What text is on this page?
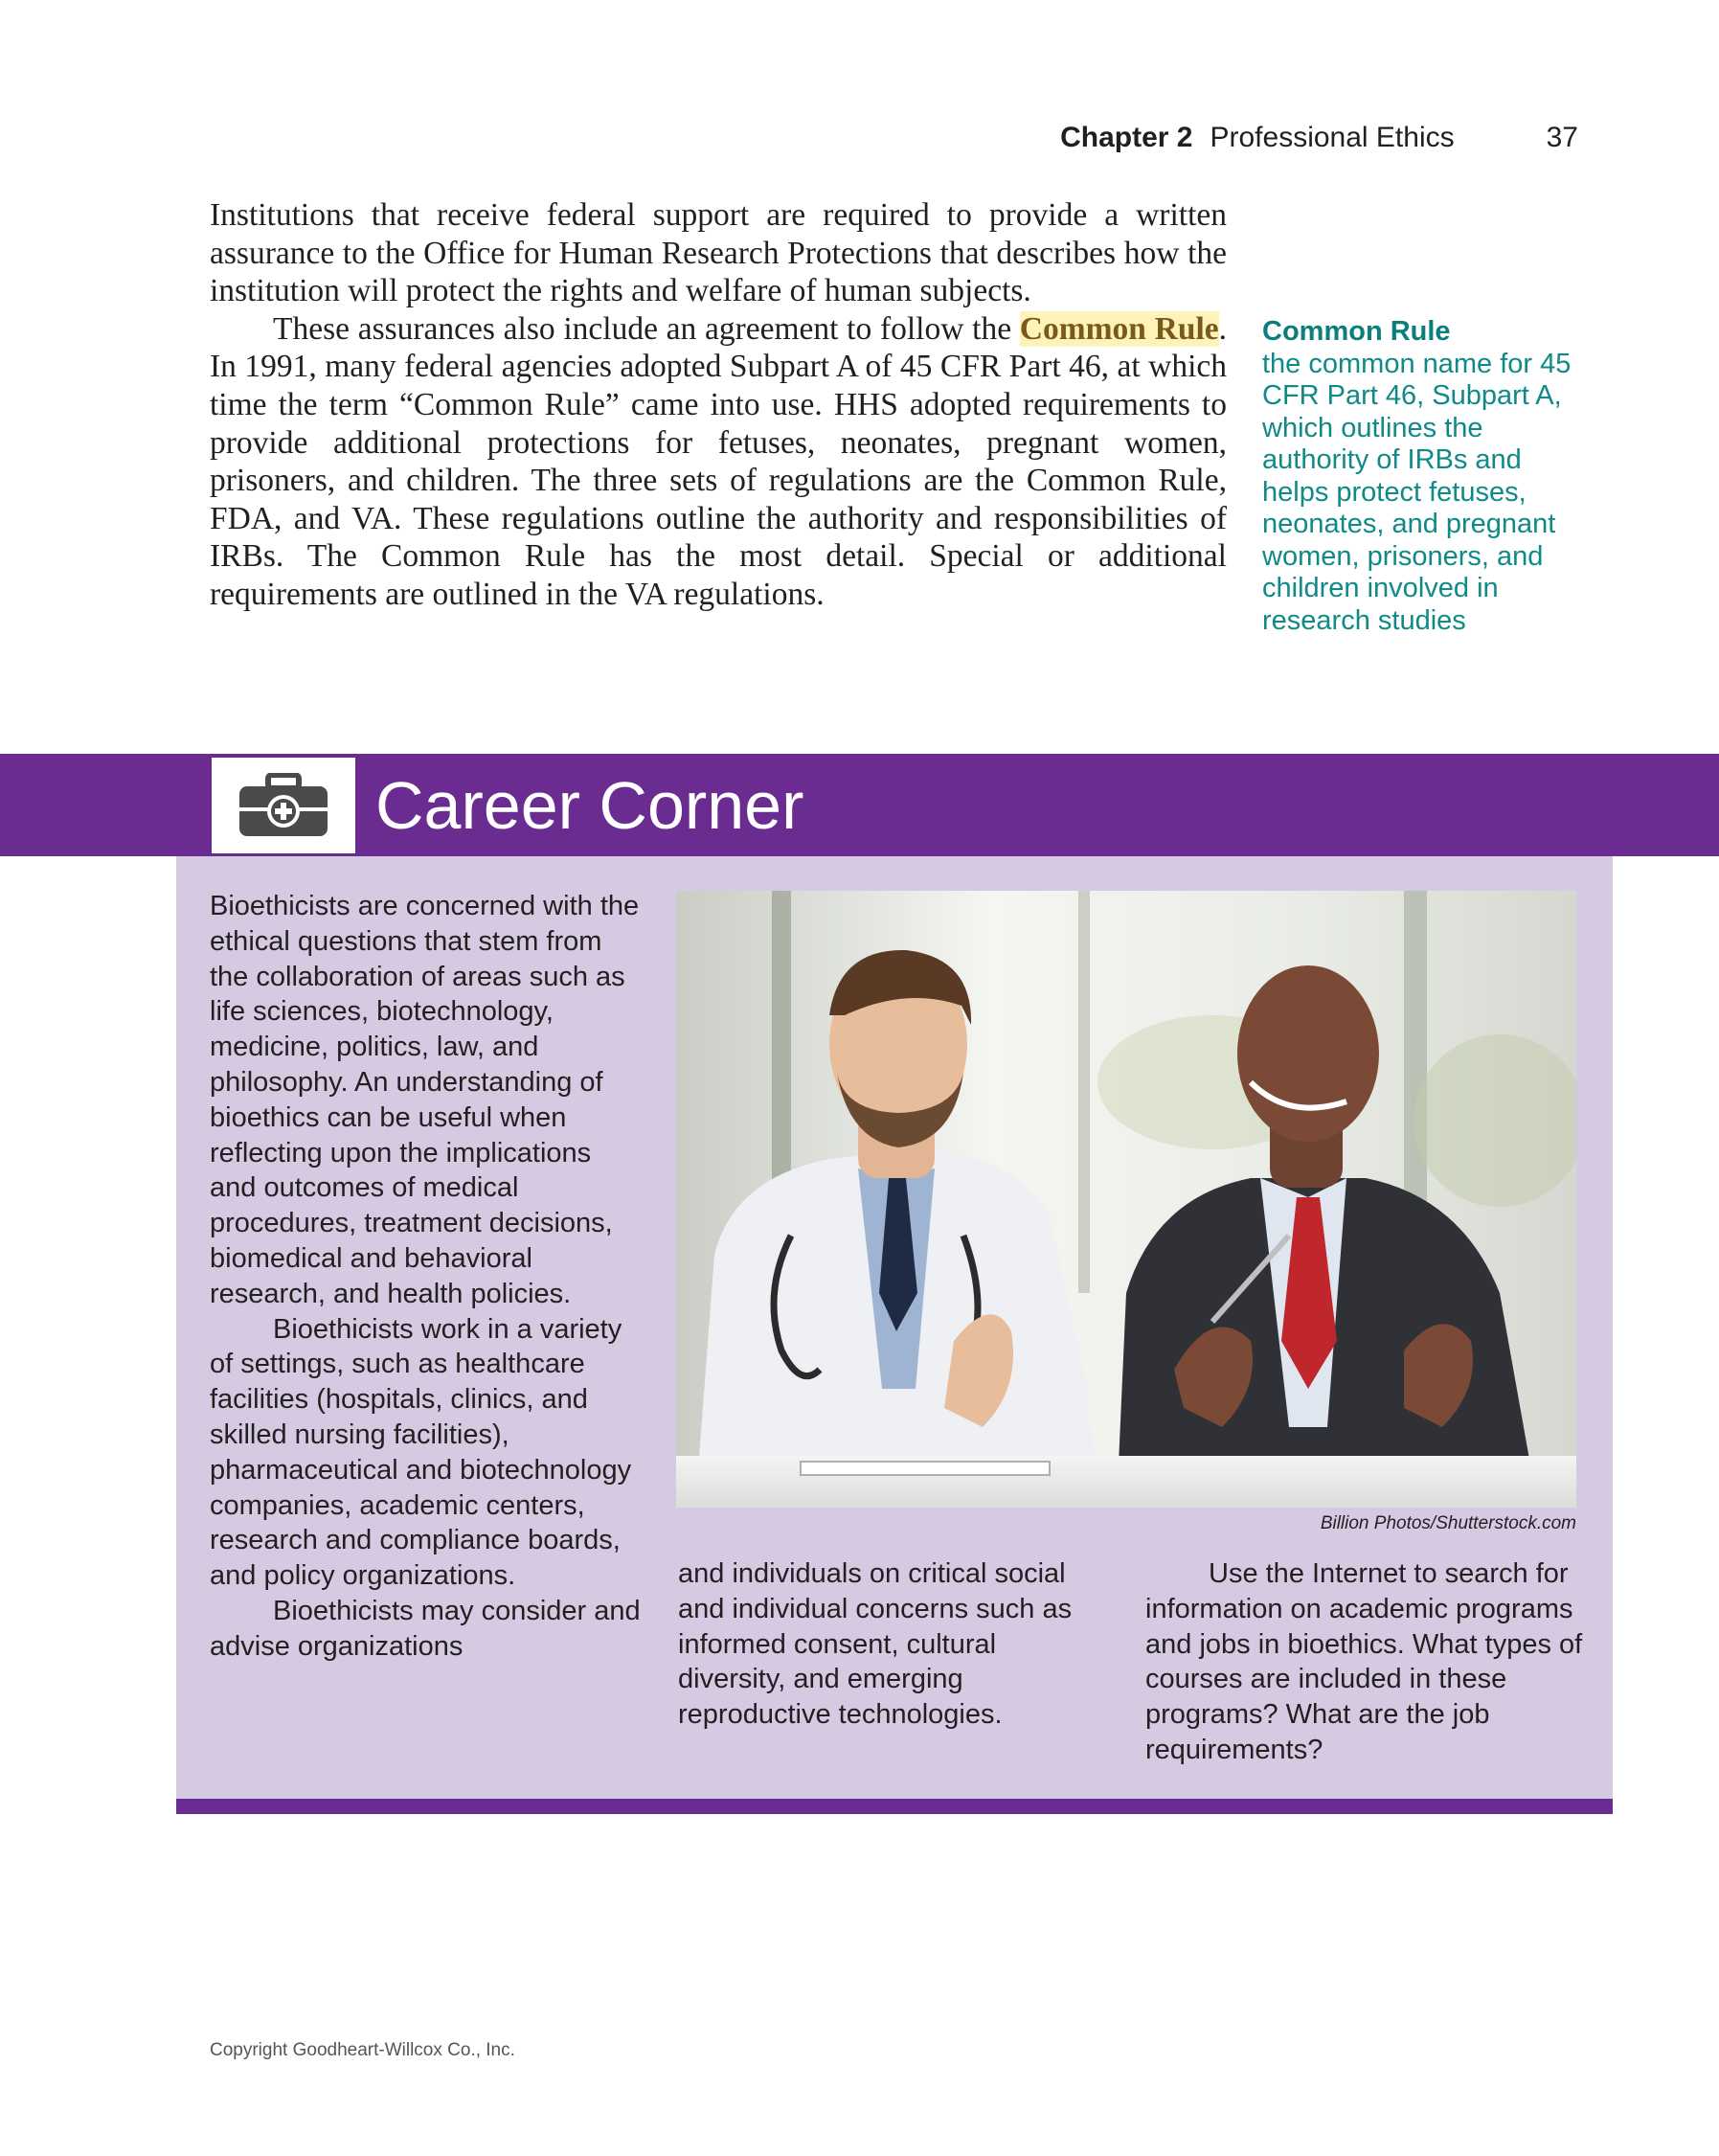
Chapter 2 Professional Ethics	37

Institutions that receive federal support are required to provide a written assurance to the Office for Human Research Protections that describes how the institution will protect the rights and welfare of human subjects.

These assurances also include an agreement to follow the Common Rule. In 1991, many federal agencies adopted Subpart A of 45 CFR Part 46, at which time the term “Common Rule” came into use. HHS adopted requirements to provide additional protections for fetuses, neonates, pregnant women, prisoners, and children. The three sets of regulations are the Common Rule, FDA, and VA. These regulations outline the authority and responsibilities of IRBs. The Common Rule has the most detail. Special or additional requirements are outlined in the VA regulations.

Common Rule
the common name for 45 CFR Part 46, Subpart A, which outlines the authority of IRBs and helps protect fetuses, neonates, and pregnant women, prisoners, and children involved in research studies
Career Corner

Bioethicists are concerned with the ethical questions that stem from the collaboration of areas such as life sciences, biotechnology, medicine, politics, law, and philosophy. An understanding of bioethics can be useful when reflecting upon the implications and outcomes of medical procedures, treatment decisions, biomedical and behavioral research, and health policies.

Bioethicists work in a variety of settings, such as healthcare facilities (hospitals, clinics, and skilled nursing facilities), pharmaceutical and biotechnology companies, academic centers, research and compliance boards, and policy organizations.

Bioethicists may consider and advise organizations

Billion Photos/Shutterstock.com

and individuals on critical social and individual concerns such as informed consent, cultural diversity, and emerging reproductive technologies.

Use the Internet to search for information on academic programs and jobs in bioethics. What types of courses are included in these programs? What are the job requirements?

Copyright Goodheart-Willcox Co., Inc.
